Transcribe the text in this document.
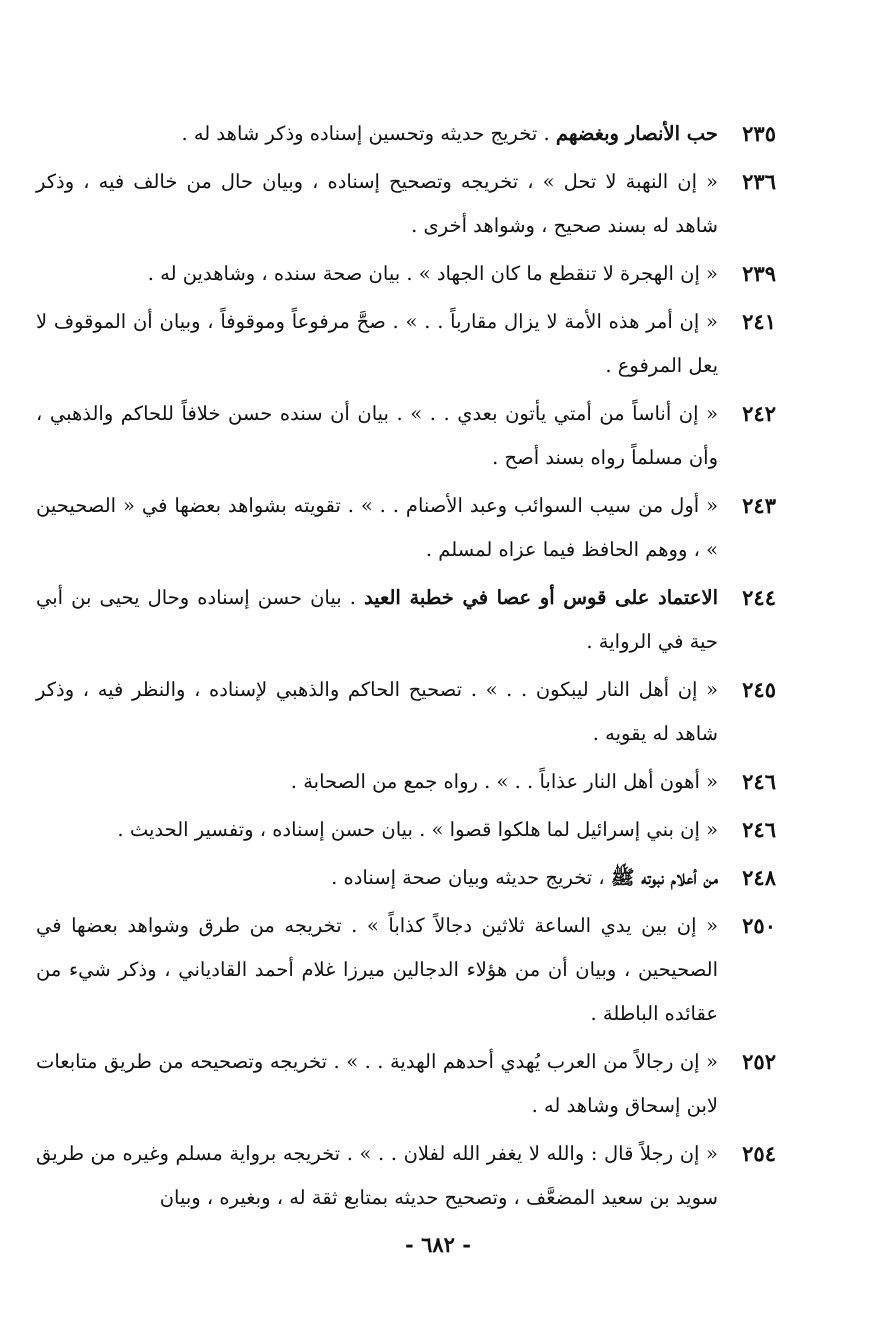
٢٣٥
حب الأنصار وبغضهم . تخريج حديثه وتحسين إسناده وذكر شاهد له .
٢٣٦
« إن النهبة لا تحل » ، تخريجه وتصحيح إسناده ، وبيان حال من خالف فيه ، وذكر شاهد له بسند صحيح ، وشواهد أخرى .
٢٣٩
« إن الهجرة لا تنقطع ما كان الجهاد » . بيان صحة سنده ، وشاهدين له .
٢٤١
« إن أمر هذه الأمة لا يزال مقارباً . . » . صحَّ مرفوعاً وموقوفاً ، وبيان أن الموقوف لا يعل المرفوع .
٢٤٢
« إن أناساً من أمتي يأتون بعدي . . » . بيان أن سنده حسن خلافاً للحاكم والذهبي ، وأن مسلماً رواه بسند أصح .
٢٤٣
« أول من سيب السوائب وعبد الأصنام . . » . تقويته بشواهد بعضها في « الصحيحين » ، ووهم الحافظ فيما عزاه لمسلم .
٢٤٤
الاعتماد على قوس أو عصا في خطبة العيد . بيان حسن إسناده وحال يحيى بن أبي حية في الرواية .
٢٤٥
« إن أهل النار ليبكون . . » . تصحيح الحاكم والذهبي لإسناده ، والنظر فيه ، وذكر شاهد له يقويه .
٢٤٦
« أهون أهل النار عذاباً . . » . رواه جمع من الصحابة .
٢٤٦
« إن بني إسرائيل لما هلكوا قصوا » . بيان حسن إسناده ، وتفسير الحديث .
٢٤٨
من أعلام نبوته ﷺ ، تخريج حديثه وبيان صحة إسناده .
٢٥٠
« إن بين يدي الساعة ثلاثين دجالاً كذاباً » . تخريجه من طرق وشواهد بعضها في الصحيحين ، وبيان أن من هؤلاء الدجالين ميرزا غلام أحمد القادياني ، وذكر شيء من عقائده الباطلة .
٢٥٢
« إن رجالاً من العرب يُهدي أحدهم الهدية . . » . تخريجه وتصحيحه من طريق متابعات لابن إسحاق وشاهد له .
٢٥٤
« إن رجلاً قال : والله لا يغفر الله لفلان . . » . تخريجه برواية مسلم وغيره من طريق سويد بن سعيد المضعَّف ، وتصحيح حديثه بمتابع ثقة له ، وبغيره ، وبيان
- ٦٨٢ -
